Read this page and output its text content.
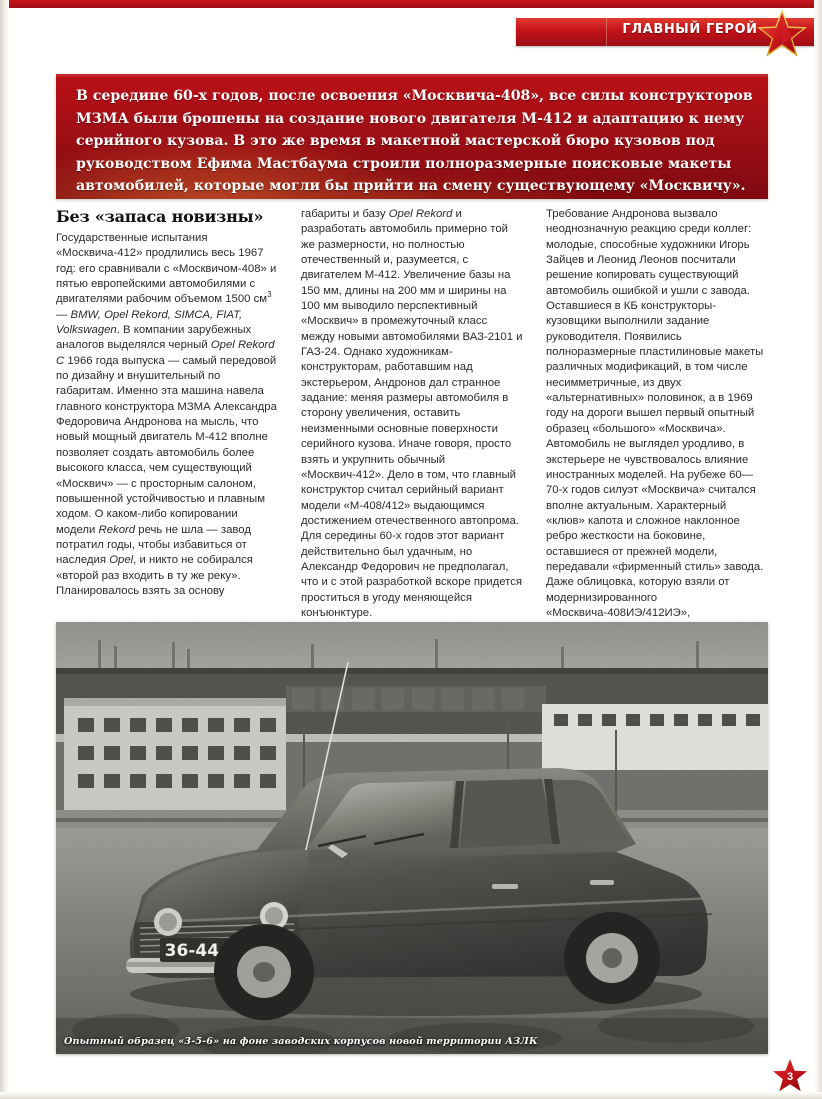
ГЛАВНЫЙ ГЕРОЙ
В середине 60-х годов, после освоения «Москвича-408», все силы конструкторов МЗМА были брошены на создание нового двигателя М-412 и адаптацию к нему серийного кузова. В это же время в макетной мастерской бюро кузовов под руководством Ефима Мастбаума строили полноразмерные поисковые макеты автомобилей, которые могли бы прийти на смену существующему «Москвичу».
Без «запаса новизны»

Государственные испытания «Москвича-412» продлились весь 1967 год: его сравнивали с «Москвичом-408» и пятью европейскими автомобилями с двигателями рабочим объемом 1500 $см^3$ — BMW, Opel Rekord, SIMCA, FIAT, Volkswagen. В компании зарубежных аналогов выделялся черный Opel Rekord C 1966 года выпуска — самый передовой по дизайну и внушительный по габаритам. Именно эта машина навела главного конструктора МЗМА Александра Федоровича Андронова на мысль, что новый мощный двигатель М-412 вполне позволяет создать автомобиль более высокого класса, чем существующий «Москвич» — с просторным салоном, повышенной устойчивостью и плавным ходом. О каком-либо копировании модели Rekord речь не шла — завод потратил годы, чтобы избавиться от наследия Opel, и никто не собирался «второй раз входить в ту же реку». Планировалось взять за основу

габариты и базу Opel Rekord и разработать автомобиль примерно той же размерности, но полностью отечественный и, разумеется, с двигателем М-412. Увеличение базы на 150 мм, длины на 200 мм и ширины на 100 мм выводило перспективный «Москвич» в промежуточный класс между новыми автомобилями ВАЗ-2101 и ГАЗ-24. Однако художникам-конструкторам, работавшим над экстерьером, Андронов дал странное задание: меняя размеры автомобиля в сторону увеличения, оставить неизменными основные поверхности серийного кузова. Иначе говоря, просто взять и укрупнить обычный «Москвич-412». Дело в том, что главный конструктор считал серийный вариант модели «М-408/412» выдающимся достижением отечественного автопрома. Для середины 60-х годов этот вариант действительно был удачным, но Александр Федорович не предполагал, что и с этой разработкой вскоре придется проститься в угоду меняющейся конъюнктуре.

Требование Андронова вызвало неоднозначную реакцию среди коллег: молодые, способные художники Игорь Зайцев и Леонид Леонов посчитали решение копировать существующий автомобиль ошибкой и ушли с завода. Оставшиеся в КБ конструкторы-кузовщики выполнили задание руководителя. Появились полноразмерные пластилиновые макеты различных модификаций, в том числе несимметричные, из двух «альтернативных» половинок, а в 1969 году на дороги вышел первый опытный образец «большого» «Москвича». Автомобиль не выглядел уродливо, в экстерьере не чувствовалось влияние иностранных моделей. На рубеже 60—70-х годов силуэт «Москвича» считался вполне актуальным. Характерный «клюв» капота и сложное наклонное ребро жесткости на боковине, оставшиеся от прежней модели, передавали «фирменный стиль» завода. Даже облицовка, которую взяли от модернизированного «Москвича-408ИЭ/412ИЭ»,

Опытный образец «3-5-6» на фоне заводских корпусов новой территории АЗЛК
3
